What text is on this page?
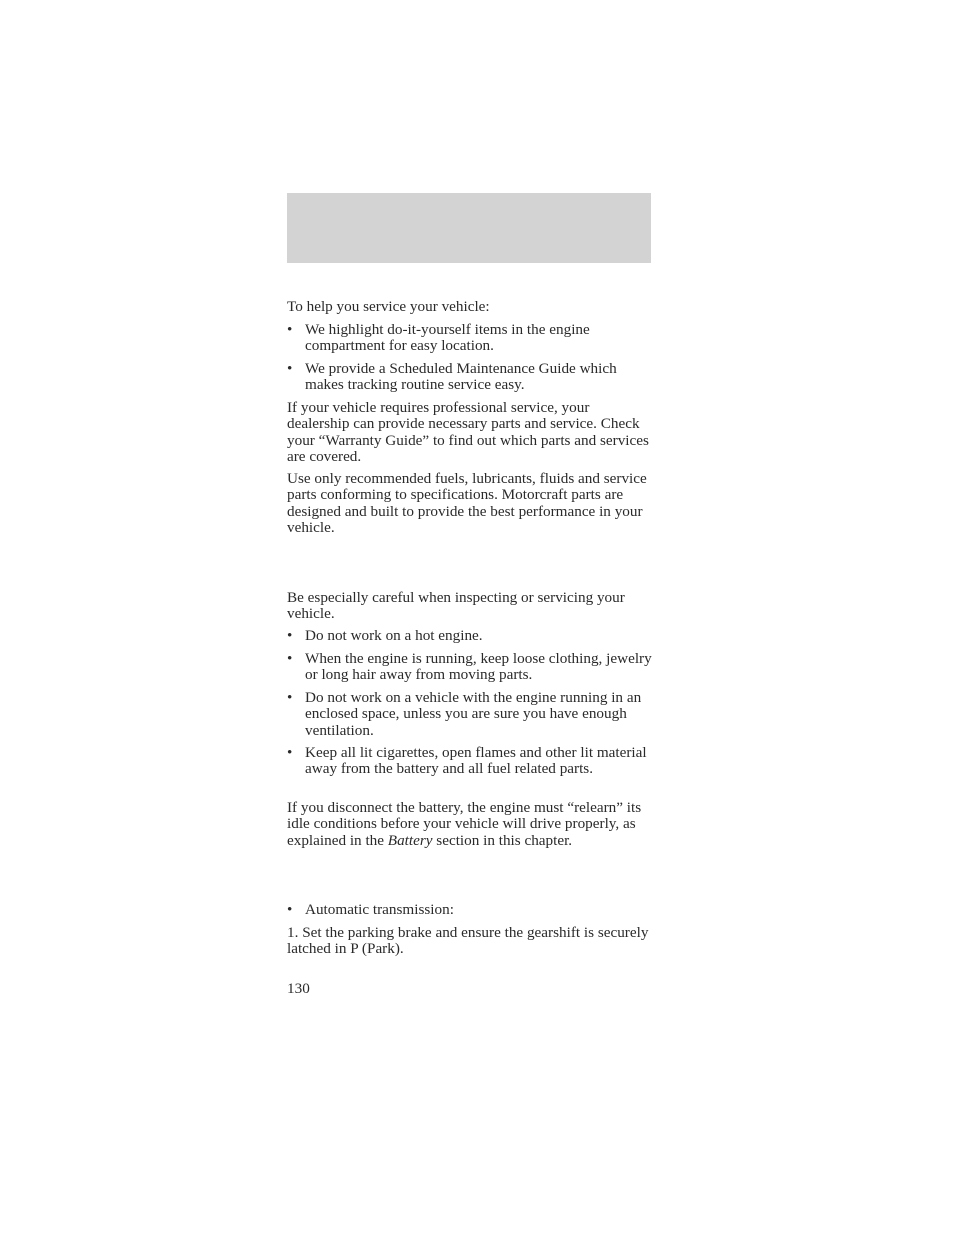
To help you service your vehicle:

• We highlight do-it-yourself items in the engine compartment for easy location.
• We provide a Scheduled Maintenance Guide which makes tracking routine service easy.

If your vehicle requires professional service, your dealership can provide necessary parts and service. Check your “Warranty Guide” to find out which parts and services are covered.

Use only recommended fuels, lubricants, fluids and service parts conforming to specifications. Motorcraft parts are designed and built to provide the best performance in your vehicle.

Be especially careful when inspecting or servicing your vehicle.

• Do not work on a hot engine.
• When the engine is running, keep loose clothing, jewelry or long hair away from moving parts.
• Do not work on a vehicle with the engine running in an enclosed space, unless you are sure you have enough ventilation.
• Keep all lit cigarettes, open flames and other lit material away from the battery and all fuel related parts.

If you disconnect the battery, the engine must “relearn” its idle conditions before your vehicle will drive properly, as explained in the Battery section in this chapter.

• Automatic transmission:

1. Set the parking brake and ensure the gearshift is securely latched in P (Park).

130
